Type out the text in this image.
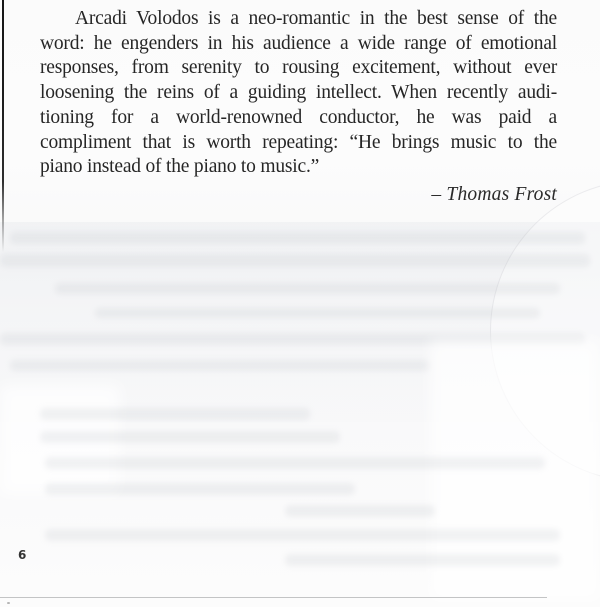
Arcadi Volodos is a neo-romantic in the best sense of the
word: he engenders in his audience a wide range of emotional
responses, from serenity to rousing excitement, without ever
loosening the reins of a guiding intellect. When recently audi-
tioning for a world-renowned conductor, he was paid a
compliment that is worth repeating: “He brings music to the
piano instead of the piano to music.”
– Thomas Frost
6
